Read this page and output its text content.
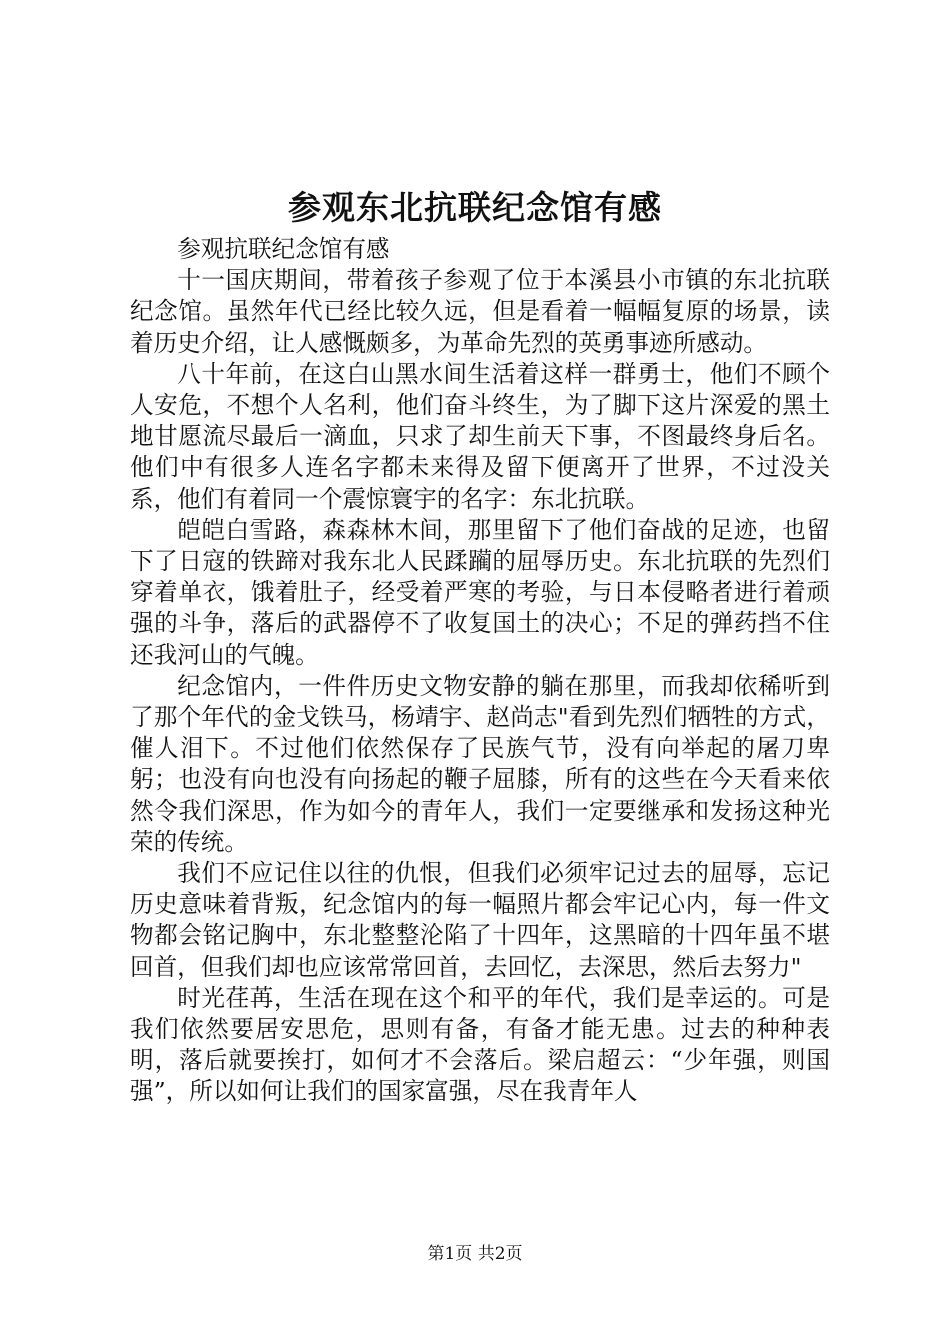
参观东北抗联纪念馆有感

参观抗联纪念馆有感

十一国庆期间，带着孩子参观了位于本溪县小市镇的东北抗联纪念馆。虽然年代已经比较久远，但是看着一幅幅复原的场景，读着历史介绍，让人感慨颇多，为革命先烈的英勇事迹所感动。

八十年前，在这白山黑水间生活着这样一群勇士，他们不顾个人安危，不想个人名利，他们奋斗终生，为了脚下这片深爱的黑土地甘愿流尽最后一滴血，只求了却生前天下事，不图最终身后名。他们中有很多人连名字都未来得及留下便离开了世界，不过没关系，他们有着同一个震惊寰宇的名字：东北抗联。

皑皑白雪路，森森林木间，那里留下了他们奋战的足迹，也留下了日寇的铁蹄对我东北人民蹂躏的屈辱历史。东北抗联的先烈们穿着单衣，饿着肚子，经受着严寒的考验，与日本侵略者进行着顽强的斗争，落后的武器停不了收复国土的决心；不足的弹药挡不住还我河山的气魄。

纪念馆内，一件件历史文物安静的躺在那里，而我却依稀听到了那个年代的金戈铁马，杨靖宇、赵尚志"看到先烈们牺牲的方式，催人泪下。不过他们依然保存了民族气节，没有向举起的屠刀卑躬；也没有向也没有向扬起的鞭子屈膝，所有的这些在今天看来依然令我们深思，作为如今的青年人，我们一定要继承和发扬这种光荣的传统。

我们不应记住以往的仇恨，但我们必须牢记过去的屈辱，忘记历史意味着背叛，纪念馆内的每一幅照片都会牢记心内，每一件文物都会铭记胸中，东北整整沦陷了十四年，这黑暗的十四年虽不堪回首，但我们却也应该常常回首，去回忆，去深思，然后去努力"

时光荏苒，生活在现在这个和平的年代，我们是幸运的。可是我们依然要居安思危，思则有备，有备才能无患。过去的种种表明，落后就要挨打，如何才不会落后。梁启超云：“少年强，则国强”，所以如何让我们的国家富强，尽在我青年人

第1页 共2页
